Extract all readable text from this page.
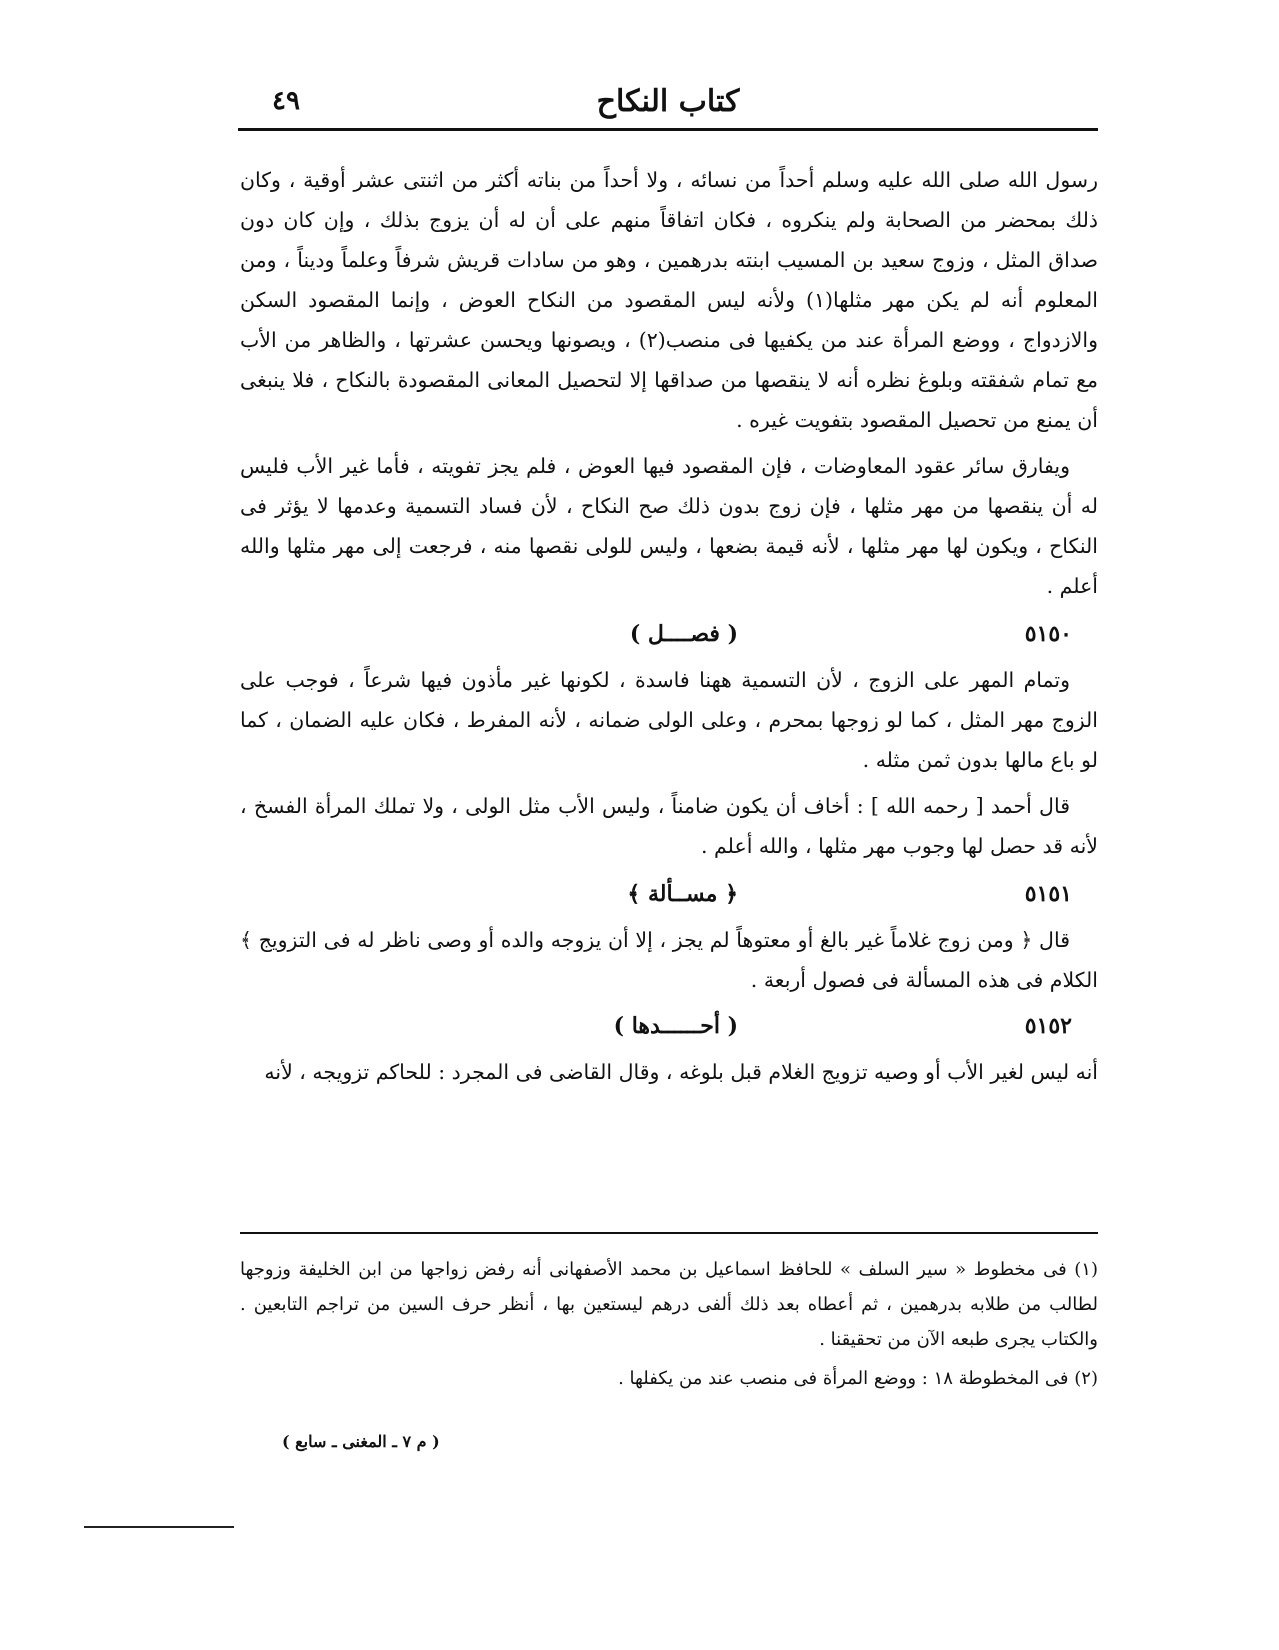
كتاب النكاح
٤٩

رسول الله صلى الله عليه وسلم أحداً من نسائه ، ولا أحداً من بناته أكثر من اثنتى عشر أوقية ، وكان ذلك بمحضر من الصحابة ولم ينكروه ، فكان اتفاقاً منهم على أن له أن يزوج بذلك ، وإن كان دون صداق المثل ، وزوج سعيد بن المسيب ابنته بدرهمين ، وهو من سادات قريش شرفاً وعلماً وديناً ، ومن المعلوم أنه لم يكن مهر مثلها(١) ولأنه ليس المقصود من النكاح العوض ، وإنما المقصود السكن والازدواج ، ووضع المرأة عند من يكفيها فى منصب(٢) ، ويصونها ويحسن عشرتها ، والظاهر من الأب مع تمام شفقته وبلوغ نظره أنه لا ينقصها من صداقها إلا لتحصيل المعانى المقصودة بالنكاح ، فلا ينبغى أن يمنع من تحصيل المقصود بتفويت غيره .

ويفارق سائر عقود المعاوضات ، فإن المقصود فيها العوض ، فلم يجز تفويته ، فأما غير الأب فليس له أن ينقصها من مهر مثلها ، فإن زوج بدون ذلك صح النكاح ، لأن فساد التسمية وعدمها لا يؤثر فى النكاح ، ويكون لها مهر مثلها ، لأنه قيمة بضعها ، وليس للولى نقصها منه ، فرجعت إلى مهر مثلها والله أعلم .

٥١٥٠
( فصــــل )

وتمام المهر على الزوج ، لأن التسمية ههنا فاسدة ، لكونها غير مأذون فيها شرعاً ، فوجب على الزوج مهر المثل ، كما لو زوجها بمحرم ، وعلى الولى ضمانه ، لأنه المفرط ، فكان عليه الضمان ، كما لو باع مالها بدون ثمن مثله .

قال أحمد [ رحمه الله ] : أخاف أن يكون ضامناً ، وليس الأب مثل الولى ، ولا تملك المرأة الفسخ ، لأنه قد حصل لها وجوب مهر مثلها ، والله أعلم .

٥١٥١
﴿ مســألة ﴾

قال ﴿ ومن زوج غلاماً غير بالغ أو معتوهاً لم يجز ، إلا أن يزوجه والده أو وصى ناظر له فى التزويج ﴾ الكلام فى هذه المسألة فى فصول أربعة .

٥١٥٢
( أحــــــدها )

أنه ليس لغير الأب أو وصيه تزويج الغلام قبل بلوغه ، وقال القاضى فى المجرد : للحاكم تزويجه ، لأنه

(١) فى مخطوط « سير السلف » للحافظ اسماعيل بن محمد الأصفهانى أنه رفض زواجها من ابن الخليفة وزوجها لطالب من طلابه بدرهمين ، ثم أعطاه بعد ذلك ألفى درهم ليستعين بها ، أنظر حرف السين من تراجم التابعين . والكتاب يجرى طبعه الآن من تحقيقنا .

(٢) فى المخطوطة ١٨ : ووضع المرأة فى منصب عند من يكفلها .

( م ٧ ـ المغنى ـ سابع )
